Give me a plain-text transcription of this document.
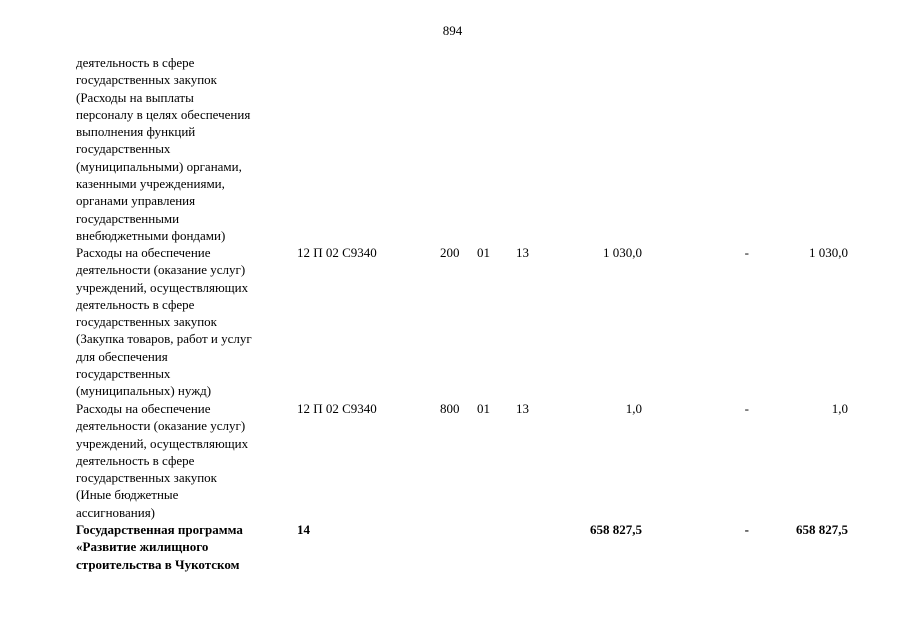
894
деятельность в сфере
государственных закупок
(Расходы на выплаты
персоналу в целях обеспечения
выполнения функций
государственных
(муниципальными) органами,
казенными учреждениями,
органами управления
государственными
внебюджетными фондами)
Расходы на обеспечение
деятельности (оказание услуг)
учреждений, осуществляющих
деятельность в сфере
государственных закупок
(Закупка товаров, работ и услуг
для обеспечения
государственных
(муниципальных) нужд)
12 П 02 С9340	200 01 13	1 030,0	-	1 030,0
Расходы на обеспечение
деятельности (оказание услуг)
учреждений, осуществляющих
деятельность в сфере
государственных закупок
(Иные бюджетные
ассигнования)
12 П 02 С9340	800 01 13	1,0	-	1,0
Государственная программа
«Развитие жилищного
строительства в Чукотском
14	658 827,5	-	658 827,5
